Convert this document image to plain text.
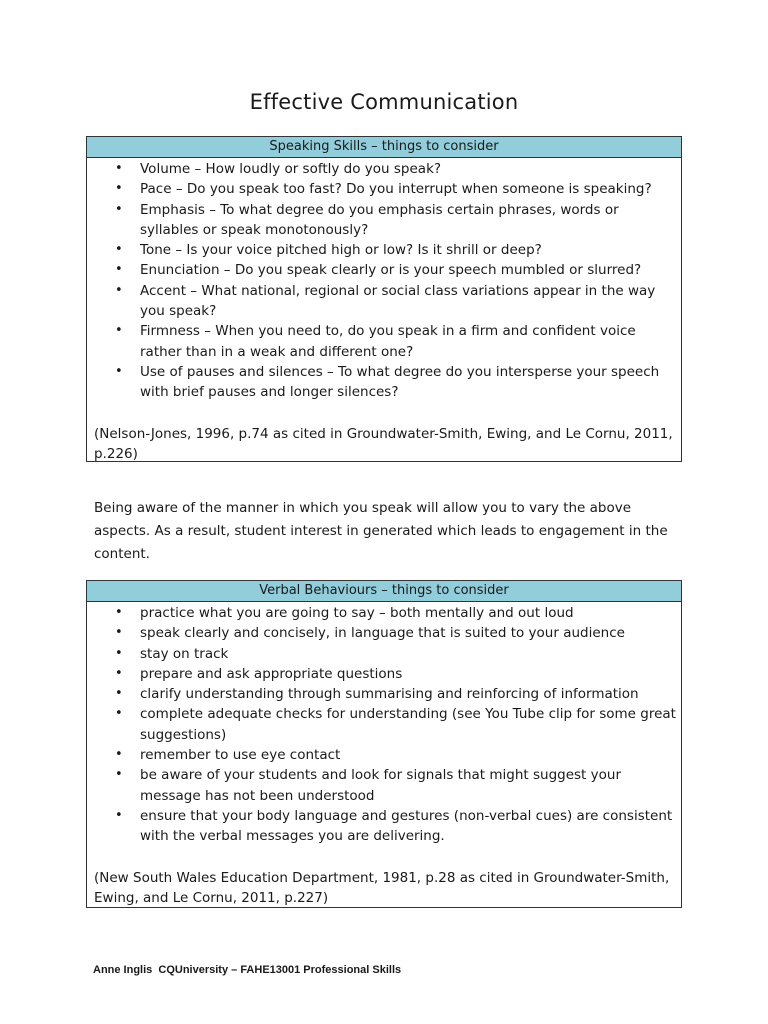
Effective Communication
Speaking Skills – things to consider
• Volume – How loudly or softly do you speak?
• Pace – Do you speak too fast? Do you interrupt when someone is speaking?
• Emphasis – To what degree do you emphasis certain phrases, words or syllables or speak monotonously?
• Tone – Is your voice pitched high or low? Is it shrill or deep?
• Enunciation – Do you speak clearly or is your speech mumbled or slurred?
• Accent – What national, regional or social class variations appear in the way you speak?
• Firmness – When you need to, do you speak in a firm and confident voice rather than in a weak and different one?
• Use of pauses and silences – To what degree do you intersperse your speech with brief pauses and longer silences?
(Nelson-Jones, 1996, p.74 as cited in Groundwater-Smith, Ewing, and Le Cornu, 2011, p.226)
Being aware of the manner in which you speak will allow you to vary the above aspects. As a result, student interest in generated which leads to engagement in the content.
Verbal Behaviours – things to consider
• practice what you are going to say – both mentally and out loud
• speak clearly and concisely, in language that is suited to your audience
• stay on track
• prepare and ask appropriate questions
• clarify understanding through summarising and reinforcing of information
• complete adequate checks for understanding (see You Tube clip for some great suggestions)
• remember to use eye contact
• be aware of your students and look for signals that might suggest your message has not been understood
• ensure that your body language and gestures (non-verbal cues) are consistent with the verbal messages you are delivering.
(New South Wales Education Department, 1981, p.28 as cited in Groundwater-Smith, Ewing, and Le Cornu, 2011, p.227)
Anne Inglis  CQUniversity – FAHE13001 Professional Skills
